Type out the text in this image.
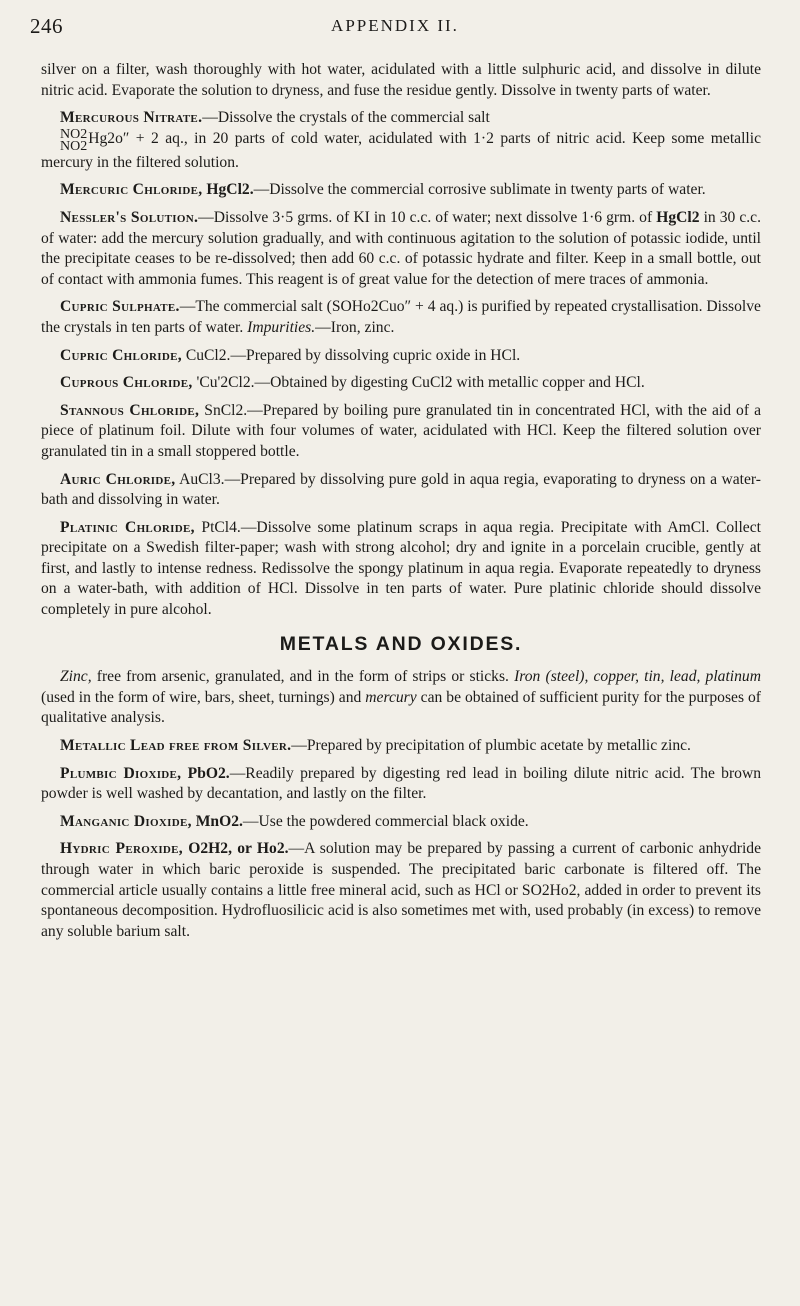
246	APPENDIX II.

silver on a filter, wash thoroughly with hot water, acidulated with a little sulphuric acid, and dissolve in dilute nitric acid. Evaporate the solution to dryness, and fuse the residue gently. Dissolve in twenty parts of water.

Mercurous Nitrate.—Dissolve the crystals of the commercial salt

NO2
NO2 Hg2o″ + 2 aq., in 20 parts of cold water, acidulated with 1·2 parts of nitric acid. Keep some metallic mercury in the filtered solution.

Mercuric Chloride, HgCl2.—Dissolve the commercial corrosive sublimate in twenty parts of water.

Nessler's Solution.—Dissolve 3·5 grms. of KI in 10 c.c. of water; next dissolve 1·6 grm. of HgCl2 in 30 c.c. of water: add the mercury solution gradually, and with continuous agitation to the solution of potassic iodide, until the precipitate ceases to be re-dissolved; then add 60 c.c. of potassic hydrate and filter. Keep in a small bottle, out of contact with ammonia fumes. This reagent is of great value for the detection of mere traces of ammonia.

Cupric Sulphate.—The commercial salt (SOHo2Cuo″ + 4 aq.) is purified by repeated crystallisation. Dissolve the crystals in ten parts of water. Impurities.—Iron, zinc.

Cupric Chloride, CuCl2.—Prepared by dissolving cupric oxide in HCl.

Cuprous Chloride, 'Cu'2Cl2.—Obtained by digesting CuCl2 with metallic copper and HCl.

Stannous Chloride, SnCl2.—Prepared by boiling pure granulated tin in concentrated HCl, with the aid of a piece of platinum foil. Dilute with four volumes of water, acidulated with HCl. Keep the filtered solution over granulated tin in a small stoppered bottle.

Auric Chloride, AuCl3.—Prepared by dissolving pure gold in aqua regia, evaporating to dryness on a water-bath and dissolving in water.

Platinic Chloride, PtCl4.—Dissolve some platinum scraps in aqua regia. Precipitate with AmCl. Collect precipitate on a Swedish filter-paper; wash with strong alcohol; dry and ignite in a porcelain crucible, gently at first, and lastly to intense redness. Redissolve the spongy platinum in aqua regia. Evaporate repeatedly to dryness on a water-bath, with addition of HCl. Dissolve in ten parts of water. Pure platinic chloride should dissolve completely in pure alcohol.

METALS AND OXIDES.

Zinc, free from arsenic, granulated, and in the form of strips or sticks. Iron (steel), copper, tin, lead, platinum (used in the form of wire, bars, sheet, turnings) and mercury can be obtained of sufficient purity for the purposes of qualitative analysis.

Metallic Lead free from Silver.—Prepared by precipitation of plumbic acetate by metallic zinc.

Plumbic Dioxide, PbO2.—Readily prepared by digesting red lead in boiling dilute nitric acid. The brown powder is well washed by decantation, and lastly on the filter.

Manganic Dioxide, MnO2.—Use the powdered commercial black oxide.

Hydric Peroxide, O2H2, or Ho2.—A solution may be prepared by passing a current of carbonic anhydride through water in which baric peroxide is suspended. The precipitated baric carbonate is filtered off. The commercial article usually contains a little free mineral acid, such as HCl or SO2Ho2, added in order to prevent its spontaneous decomposition. Hydrofluosilicic acid is also sometimes met with, used probably (in excess) to remove any soluble barium salt.
